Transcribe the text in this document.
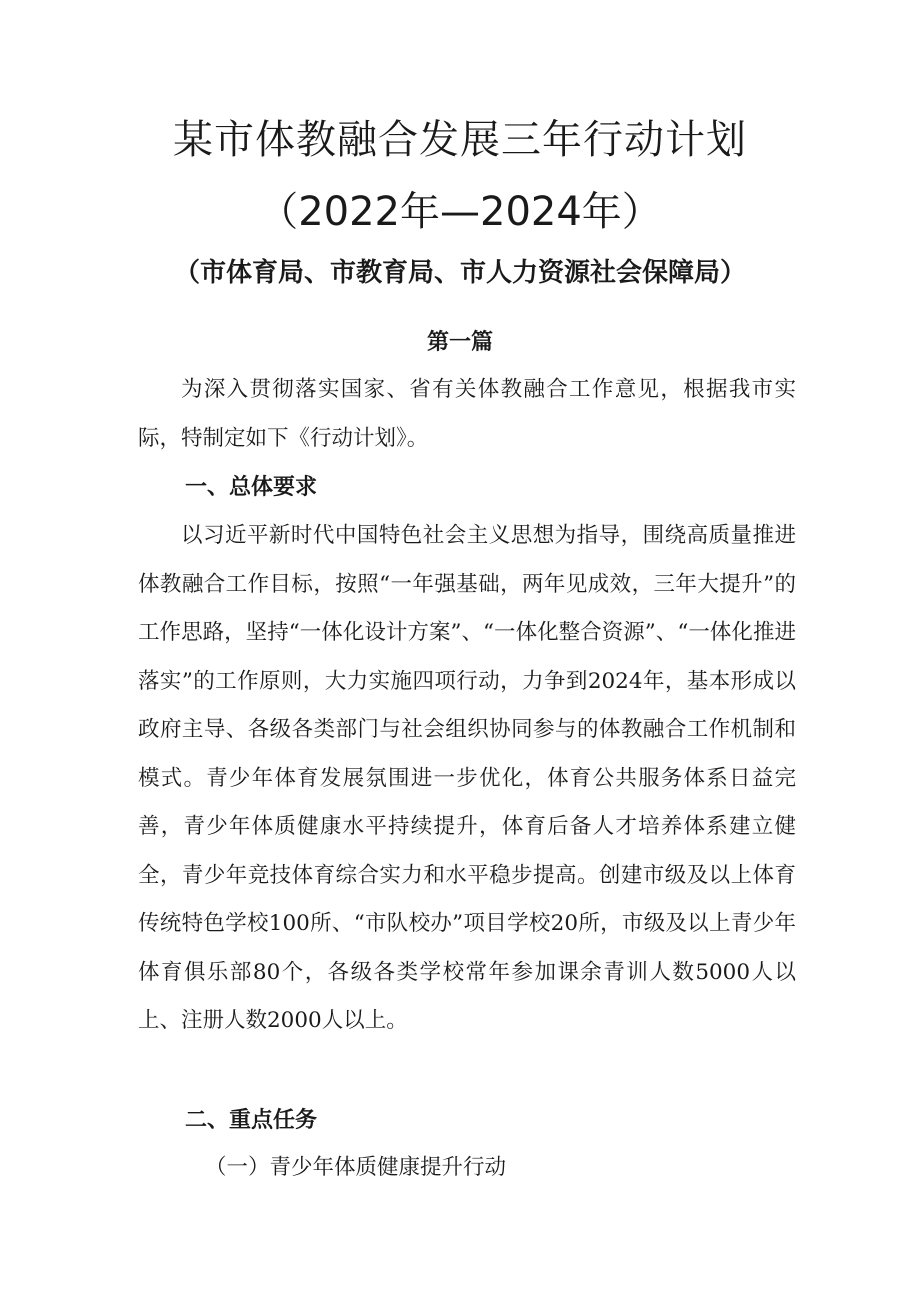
某市体教融合发展三年行动计划
（2022年—2024年）
（市体育局、市教育局、市人力资源社会保障局）
第一篇

为深入贯彻落实国家、省有关体教融合工作意见，根据我市实际，特制定如下《行动计划》。

一、总体要求

以习近平新时代中国特色社会主义思想为指导，围绕高质量推进体教融合工作目标，按照“一年强基础，两年见成效，三年大提升”的工作思路，坚持“一体化设计方案”、“一体化整合资源”、“一体化推进落实”的工作原则，大力实施四项行动，力争到2024年，基本形成以政府主导、各级各类部门与社会组织协同参与的体教融合工作机制和模式。青少年体育发展氛围进一步优化，体育公共服务体系日益完善，青少年体质健康水平持续提升，体育后备人才培养体系建立健全，青少年竞技体育综合实力和水平稳步提高。创建市级及以上体育传统特色学校100所、“市队校办”项目学校20所，市级及以上青少年体育俱乐部80个，各级各类学校常年参加课余青训人数5000人以上、注册人数2000人以上。

二、重点任务
（一）青少年体质健康提升行动
